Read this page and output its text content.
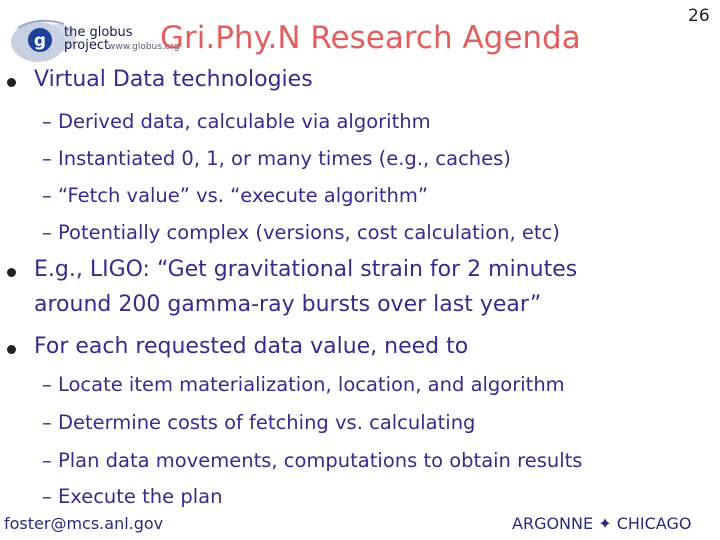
g the globus project
www.globus.org
Gri.Phy.N Research Agenda
26
Virtual Data technologies
– Derived data, calculable via algorithm
– Instantiated 0, 1, or many times (e.g., caches)
– “Fetch value” vs. “execute algorithm”
– Potentially complex (versions, cost calculation, etc)
E.g., LIGO: “Get gravitational strain for 2 minutes
around 200 gamma-ray bursts over last year”
For each requested data value, need to
– Locate item materialization, location, and algorithm
– Determine costs of fetching vs. calculating
– Plan data movements, computations to obtain results
– Execute the plan
foster@mcs.anl.gov	ARGONNE ✦ CHICAGO
